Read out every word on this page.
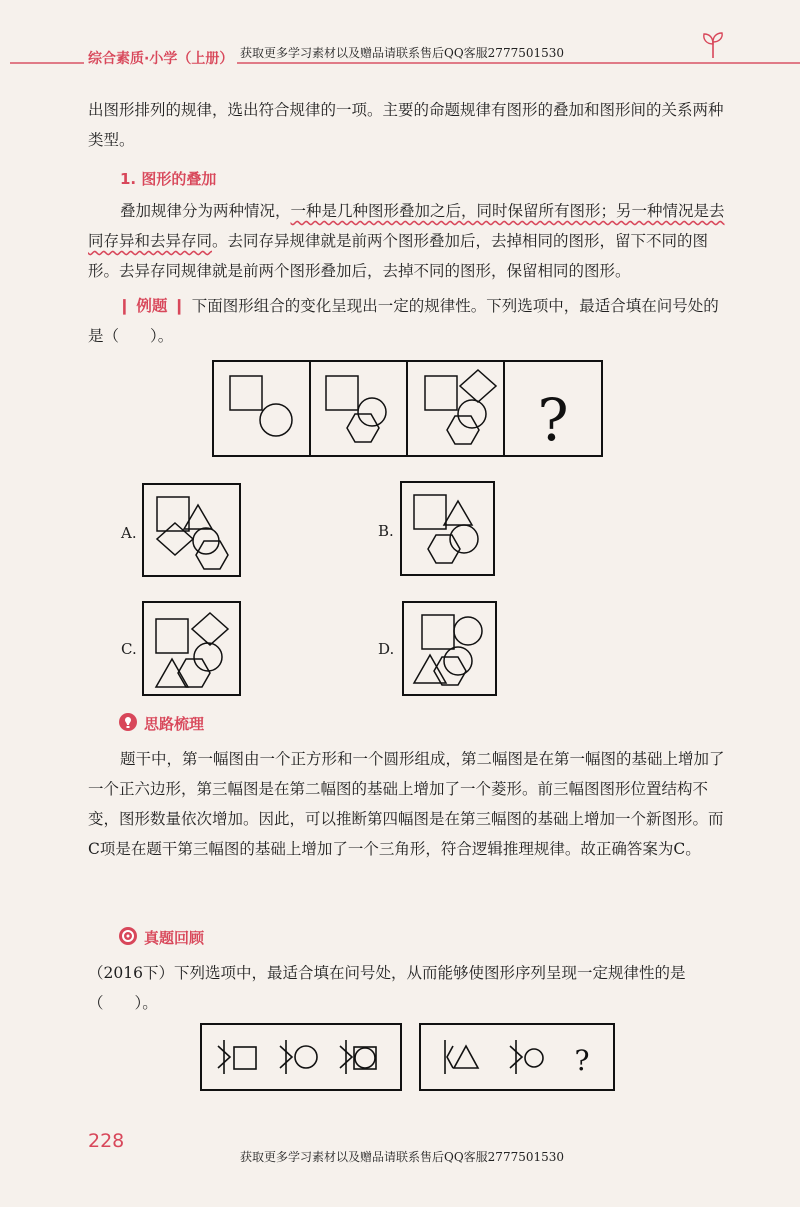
综合素质·小学（上册） 获取更多学习素材以及赠品请联系售后QQ客服2777501530
出图形排列的规律，选出符合规律的一项。主要的命题规律有图形的叠加和图形间的关系两种类型。
1. 图形的叠加
叠加规律分为两种情况，一种是几种图形叠加之后，同时保留所有图形；另一种情况是去同存异和去异存同。去同存异规律就是前两个图形叠加后，去掉相同的图形，留下不同的图形。去异存同规律就是前两个图形叠加后，去掉不同的图形，保留相同的图形。
❙ 例题 ❙ 下面图形组合的变化呈现出一定的规律性。下列选项中，最适合填在问号处的是（　　）。
?
A.	B.
C.	D.
思路梳理
题干中，第一幅图由一个正方形和一个圆形组成，第二幅图是在第一幅图的基础上增加了一个正六边形，第三幅图是在第二幅图的基础上增加了一个菱形。前三幅图图形位置结构不变，图形数量依次增加。因此，可以推断第四幅图是在第三幅图的基础上增加一个新图形。而C项是在题干第三幅图的基础上增加了一个三角形，符合逻辑推理规律。故正确答案为C。
真题回顾
（2016下）下列选项中，最适合填在问号处，从而能够使图形序列呈现一定规律性的是（　　）。
?
228
获取更多学习素材以及赠品请联系售后QQ客服2777501530
